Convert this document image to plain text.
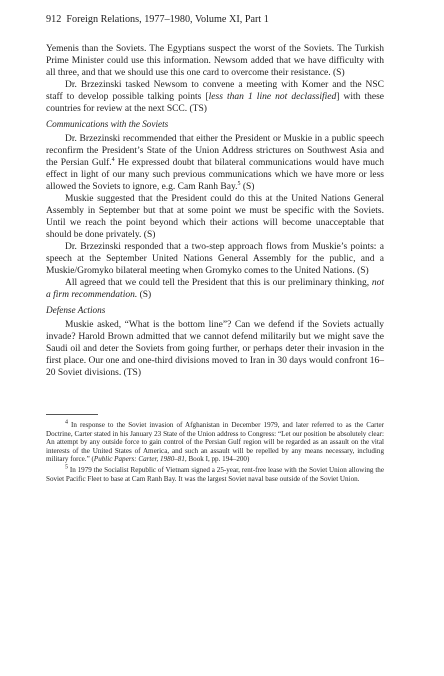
912 Foreign Relations, 1977–1980, Volume XI, Part 1

Yemenis than the Soviets. The Egyptians suspect the worst of the Soviets. The Turkish Prime Minister could use this information. Newsom added that we have difficulty with all three, and that we should use this one card to overcome their resistance. (S)

Dr. Brzezinski tasked Newsom to convene a meeting with Komer and the NSC staff to develop possible talking points [less than 1 line not declassified] with these countries for review at the next SCC. (TS)

Communications with the Soviets

Dr. Brzezinski recommended that either the President or Muskie in a public speech reconfirm the President’s State of the Union Address strictures on Southwest Asia and the Persian Gulf.$^4$ He expressed doubt that bilateral communications would have much effect in light of our many such previous communications which we have more or less allowed the Soviets to ignore, e.g. Cam Ranh Bay.$^5$ (S)

Muskie suggested that the President could do this at the United Nations General Assembly in September but that at some point we must be specific with the Soviets. Until we reach the point beyond which their actions will become unacceptable that should be done privately. (S)

Dr. Brzezinski responded that a two-step approach flows from Muskie’s points: a speech at the September United Nations General Assembly for the public, and a Muskie/Gromyko bilateral meeting when Gromyko comes to the United Nations. (S)

All agreed that we could tell the President that this is our preliminary thinking, not a firm recommendation. (S)

Defense Actions

Muskie asked, “What is the bottom line”? Can we defend if the Soviets actually invade? Harold Brown admitted that we cannot defend militarily but we might save the Saudi oil and deter the Soviets from going further, or perhaps deter their invasion in the first place. Our one and one-third divisions moved to Iran in 30 days would confront 16–20 Soviet divisions. (TS)

$^4$ In response to the Soviet invasion of Afghanistan in December 1979, and later referred to as the Carter Doctrine, Carter stated in his January 23 State of the Union address to Congress: “Let our position be absolutely clear: An attempt by any outside force to gain control of the Persian Gulf region will be regarded as an assault on the vital interests of the United States of America, and such an assault will be repelled by any means necessary, including military force.” (Public Papers: Carter, 1980–81, Book I, pp. 194–200)

$^5$ In 1979 the Socialist Republic of Vietnam signed a 25-year, rent-free lease with the Soviet Union allowing the Soviet Pacific Fleet to base at Cam Ranh Bay. It was the largest Soviet naval base outside of the Soviet Union.
